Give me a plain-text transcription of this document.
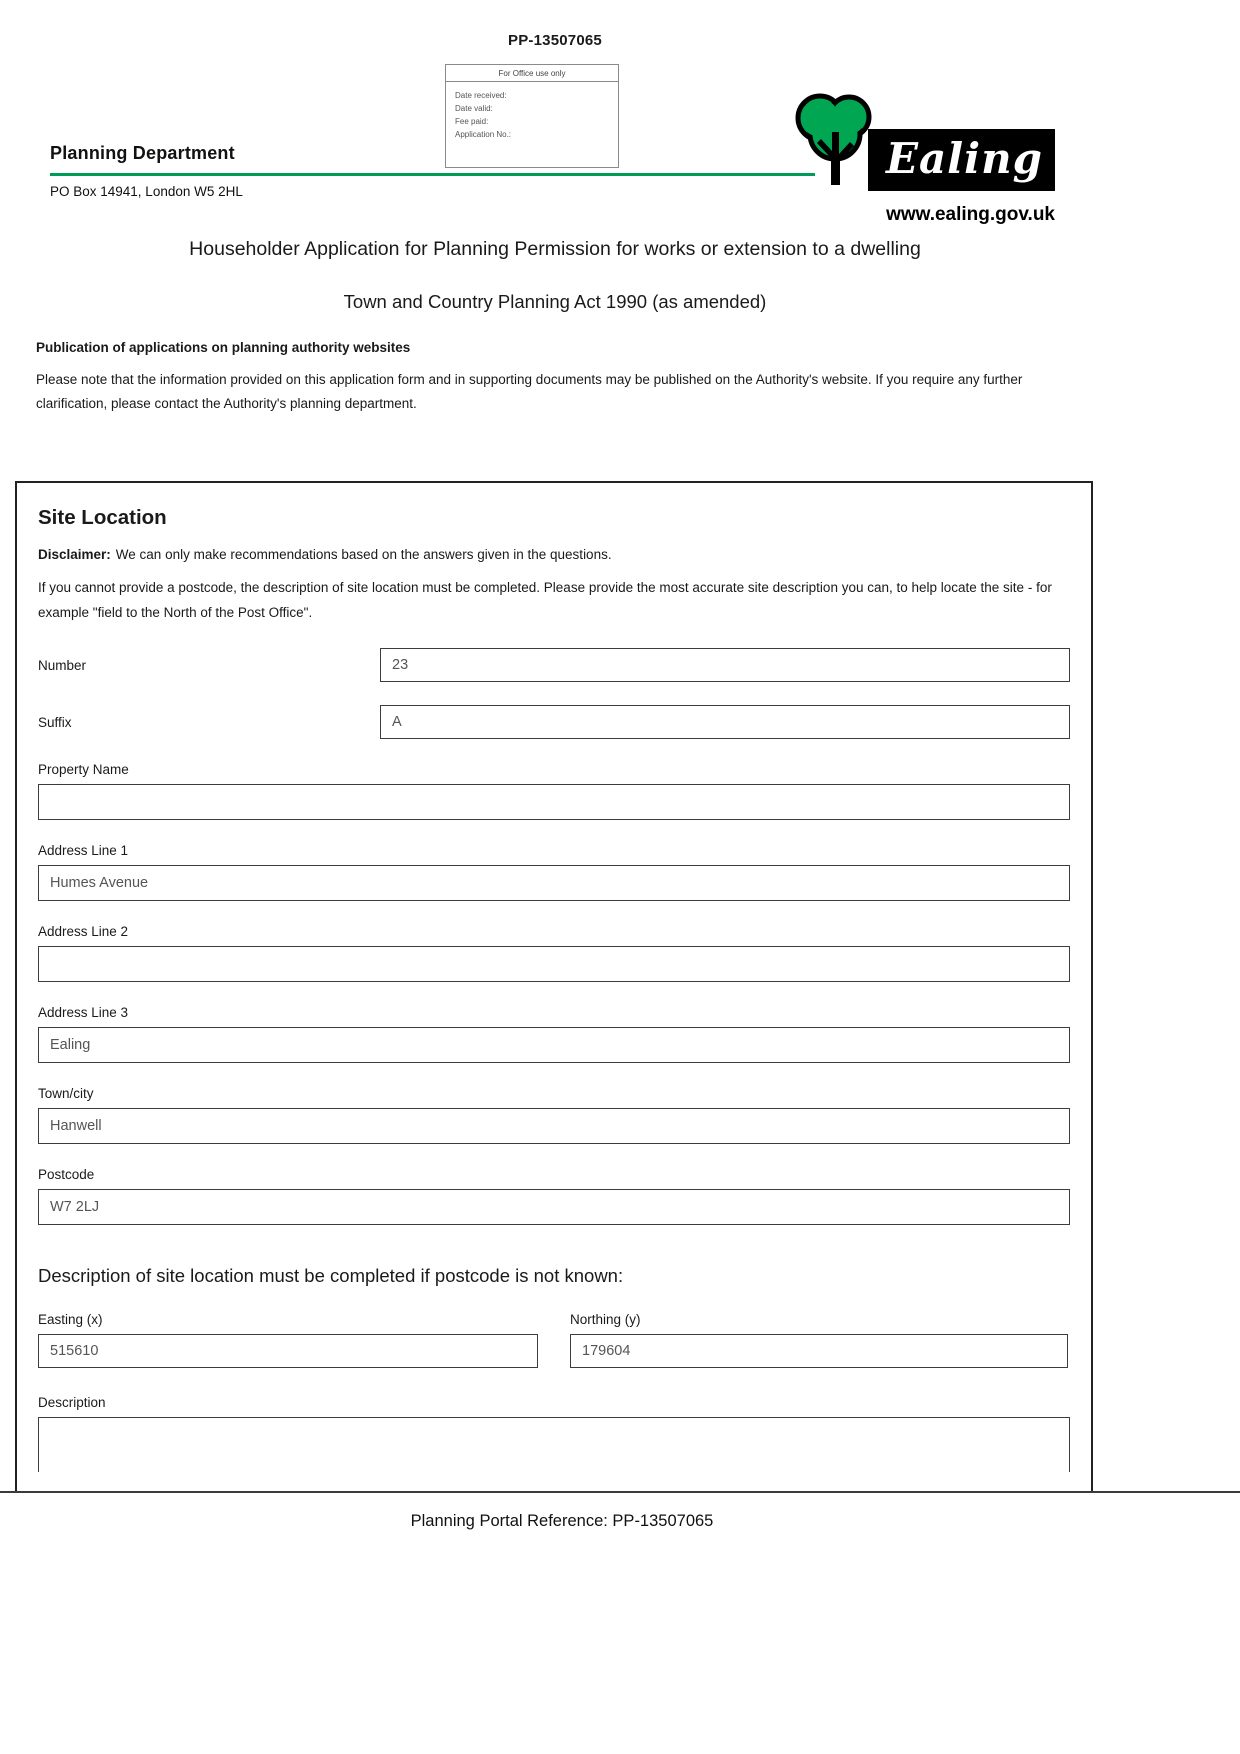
PP-13507065
For Office use only
Date received:
Date valid:
Fee paid:
Application No.:
Planning Department
PO Box 14941, London W5 2HL
Ealing
www.ealing.gov.uk

Householder Application for Planning Permission for works or extension to a dwelling

Town and Country Planning Act 1990 (as amended)

Publication of applications on planning authority websites

Please note that the information provided on this application form and in supporting documents may be published on the Authority's website. If you require any further clarification, please contact the Authority's planning department.

Site Location

Disclaimer: We can only make recommendations based on the answers given in the questions.

If you cannot provide a postcode, the description of site location must be completed. Please provide the most accurate site description you can, to help locate the site - for example "field to the North of the Post Office".

Number
23
Suffix
A
Property Name
Address Line 1
Humes Avenue
Address Line 2
Address Line 3
Ealing
Town/city
Hanwell
Postcode
W7 2LJ

Description of site location must be completed if postcode is not known:

Easting (x)
515610	Northing (y)
179604
Description
Planning Portal Reference: PP-13507065
